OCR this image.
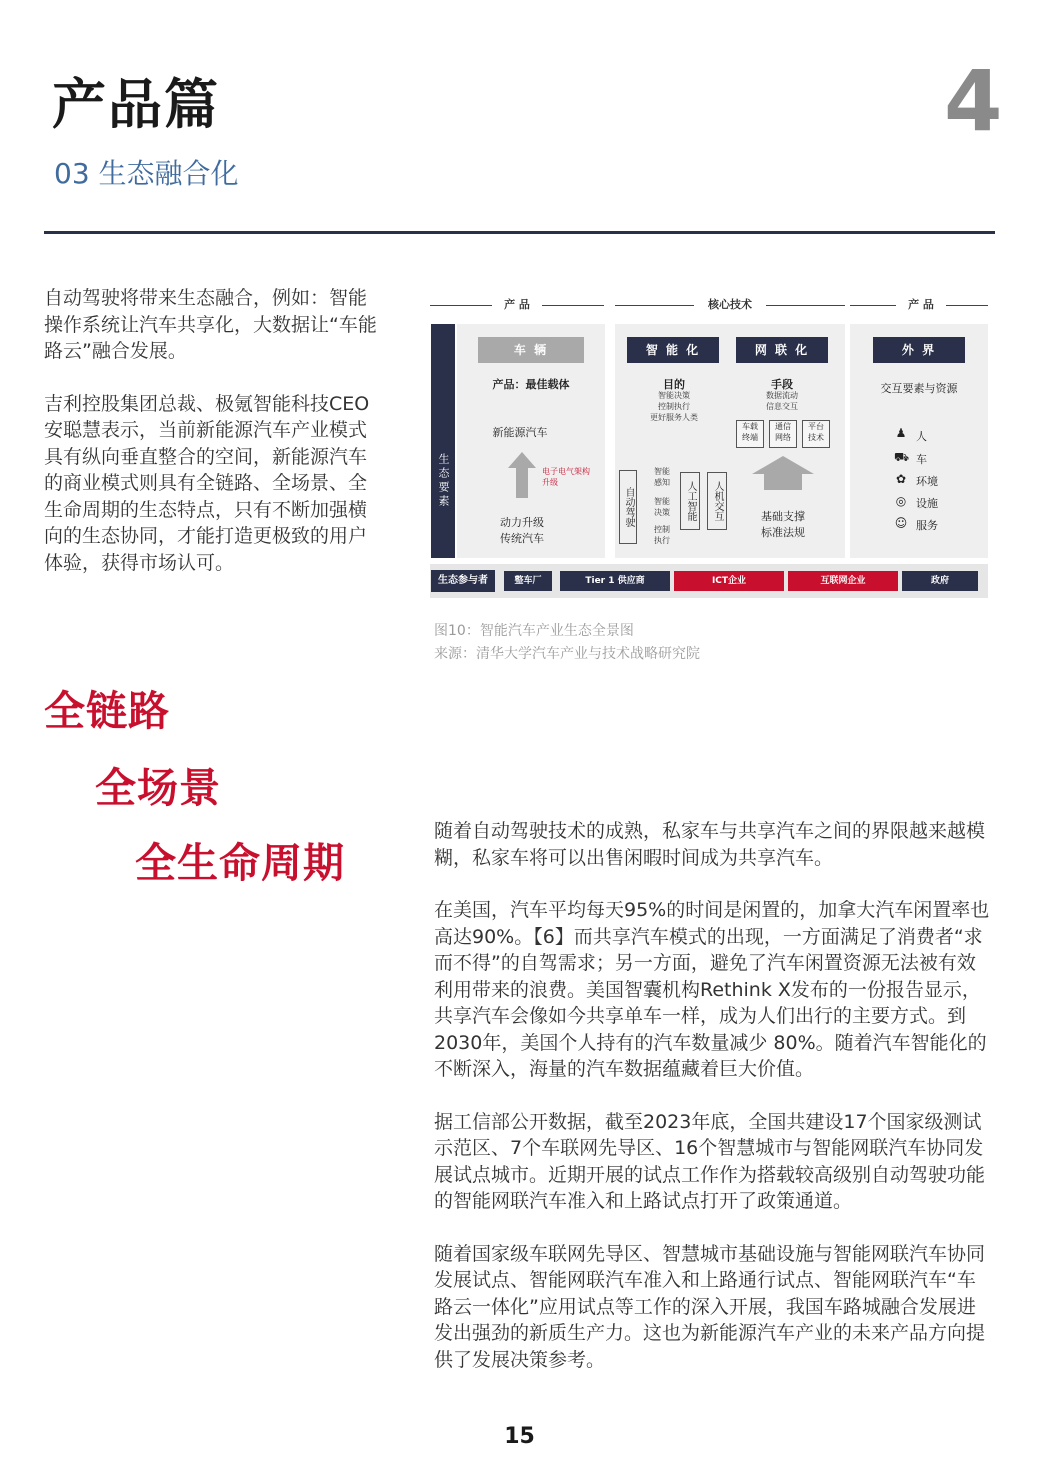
产品篇	4
03 生态融合化

自动驾驶将带来生态融合，例如：智能操作系统让汽车共享化，大数据让“车能路云”融合发展。

吉利控股集团总裁、极氪智能科技CEO安聪慧表示，当前新能源汽车产业模式具有纵向垂直整合的空间，新能源汽车的商业模式则具有全链路、全场景、全生命周期的生态特点，只有不断加强横向的生态协同，才能打造更极致的用户体验，获得市场认可。

产 品	核心技术	产 品
生态要素
车 辆
产品：最佳载体
新能源汽车
电子电气架构升级
动力升级
传统汽车
智 能 化	网 联 化
目的
智能决策
控制执行
更好服务人类
手段
数据流动
信息交互
车载
终端
通信
网络
平台
技术
自动驾驶
智能
感知
智能
决策
控制
执行
人工智能	人机交互	基础支撑
标准法规
外 界
交互要素与资源
♟ 人
⛟ 车
✿ 环境
◎ 设施
☺ 服务
生态参与者	整车厂	Tier 1 供应商	ICT企业	互联网企业	政府
图10：智能汽车产业生态全景图
来源：清华大学汽车产业与技术战略研究院
全链路
全场景
全生命周期

随着自动驾驶技术的成熟，私家车与共享汽车之间的界限越来越模糊，私家车将可以出售闲暇时间成为共享汽车。

在美国，汽车平均每天95%的时间是闲置的，加拿大汽车闲置率也高达90%。【6】而共享汽车模式的出现，一方面满足了消费者“求而不得”的自驾需求；另一方面，避免了汽车闲置资源无法被有效利用带来的浪费。美国智囊机构Rethink X发布的一份报告显示，共享汽车会像如今共享单车一样，成为人们出行的主要方式。到2030年，美国个人持有的汽车数量减少 80%。随着汽车智能化的不断深入，海量的汽车数据蕴藏着巨大价值。

据工信部公开数据，截至2023年底，全国共建设17个国家级测试示范区、7个车联网先导区、16个智慧城市与智能网联汽车协同发展试点城市。近期开展的试点工作作为搭载较高级别自动驾驶功能的智能网联汽车准入和上路试点打开了政策通道。

随着国家级车联网先导区、智慧城市基础设施与智能网联汽车协同发展试点、智能网联汽车准入和上路通行试点、智能网联汽车“车路云一体化”应用试点等工作的深入开展，我国车路城融合发展进发出强劲的新质生产力。这也为新能源汽车产业的未来产品方向提供了发展决策参考。

15
